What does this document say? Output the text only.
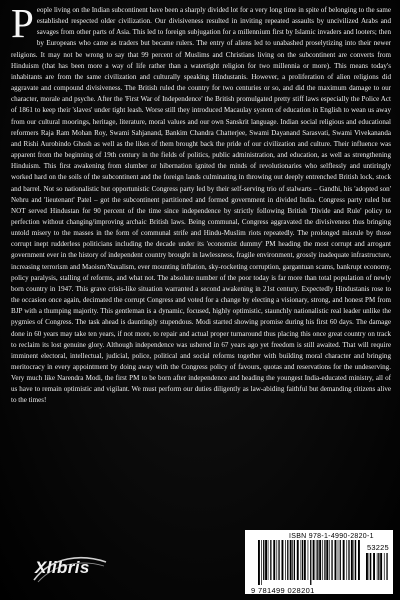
People living on the Indian subcontinent have been a sharply divided lot for a very long time in spite of belonging to the same established respected older civilization. Our divisiveness resulted in inviting repeated assaults by uncivilized Arabs and savages from other parts of Asia. This led to foreign subjugation for a millennium first by Islamic invaders and looters; then by Europeans who came as traders but became rulers. The entry of aliens led to unabashed proselytizing into their newer religions. It may not be wrong to say that 99 percent of Muslims and Christians living on the subcontinent are converts from Hinduism (that has been more a way of life rather than a watertight religion for two millennia or more). This means today's inhabitants are from the same civilization and culturally speaking Hindustanis. However, a proliferation of alien religions did aggravate and compound divisiveness. The British ruled the country for two centuries or so, and did the maximum damage to our character, morale and psyche. After the 'First War of Independence' the British promulgated pretty stiff laws especially the Police Act of 1861 to keep their 'slaves' under tight leash. Worse still they introduced Macaulay system of education in English to wean us away from our cultural moorings, heritage, literature, moral values and our own Sanskrit language. Indian social religious and educational reformers Raja Ram Mohan Roy, Swami Sahjanand, Bankim Chandra Chatterjee, Swami Dayanand Sarasvati, Swami Vivekananda and Rishi Aurobindo Ghosh as well as the likes of them brought back the pride of our civilization and culture. Their influence was apparent from the beginning of 19th century in the fields of politics, public administration, and education, as well as strengthening Hinduism. This first awakening from slumber or hibernation ignited the minds of revolutionaries who selflessly and untiringly worked hard on the soils of the subcontinent and the foreign lands culminating in throwing out deeply entrenched British lock, stock and barrel. Not so nationalistic but opportunistic Congress party led by their self-serving trio of stalwarts – Gandhi, his 'adopted son' Nehru and 'lieutenant' Patel – got the subcontinent partitioned and formed government in divided India. Congress party ruled but NOT served Hindustan for 90 percent of the time since independence by strictly following British 'Divide and Rule' policy to perfection without changing/improving archaic British laws. Being communal, Congress aggravated the divisiveness thus bringing untold misery to the masses in the form of communal strife and Hindu-Muslim riots repeatedly. The prolonged misrule by those corrupt inept rudderless politicians including the decade under its 'economist dummy' PM heading the most corrupt and arrogant government ever in the history of independent country brought in lawlessness, fragile environment, grossly inadequate infrastructure, increasing terrorism and Maoism/Naxalism, ever mounting inflation, sky-rocketing corruption, gargantuan scams, bankrupt economy, policy paralysis, stalling of reforms, and what not. The absolute number of the poor today is far more than total population of newly born country in 1947. This grave crisis-like situation warranted a second awakening in 21st century. Expectedly Hindustanis rose to the occasion once again, decimated the corrupt Congress and voted for a change by electing a visionary, strong, and honest PM from BJP with a thumping majority. This gentleman is a dynamic, focused, highly optimistic, staunchly nationalistic real leader unlike the pygmies of Congress. The task ahead is dauntingly stupendous. Modi started showing promise during his first 60 days. The damage done in 60 years may take ten years, if not more, to repair and actual proper turnaround thus placing this once great country on track to reclaim its lost genuine glory. Although independence was ushered in 67 years ago yet freedom is still awaited. That will require imminent electoral, intellectual, judicial, police, political and social reforms together with building moral character and bringing meritocracy in every appointment by doing away with the Congress policy of favours, quotas and reservations for the undeserving. Very much like Narendra Modi, the first PM to be born after independence and heading the youngest India-educated ministry, all of us have to remain optimistic and vigilant. We must perform our duties diligently as law-abiding faithful but demanding citizens alive to the times!

Xlibris
ISBN 978-1-4990-2820-1
53225
9 781499 028201
